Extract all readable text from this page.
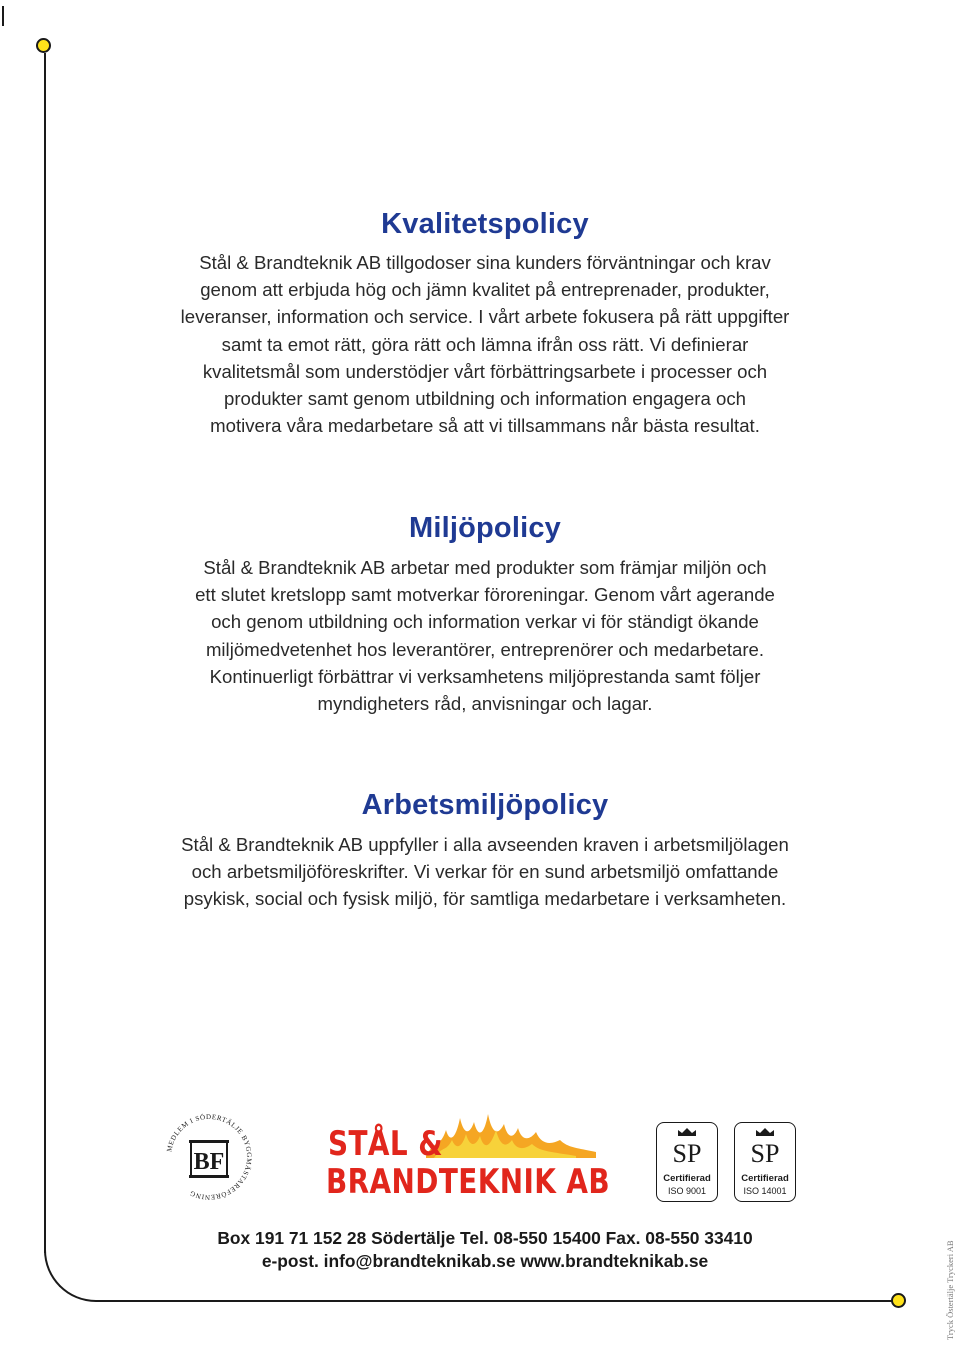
Kvalitetspolicy

Stål & Brandteknik AB tillgodoser sina kunders förväntningar och krav
genom att erbjuda hög och jämn kvalitet på entreprenader, produkter,
leveranser, information och service. I vårt arbete fokusera på rätt uppgifter
samt ta emot rätt, göra rätt och lämna ifrån oss rätt. Vi definierar
kvalitetsmål som understödjer vårt förbättringsarbete i processer och
produkter samt genom utbildning och information engagera och
motivera våra medarbetare så att vi tillsammans når bästa resultat.

Miljöpolicy

Stål & Brandteknik AB arbetar med produkter som främjar miljön och
ett slutet kretslopp samt motverkar föroreningar. Genom vårt agerande
och genom utbildning och information verkar vi för ständigt ökande
miljömedvetenhet hos leverantörer, entreprenörer och medarbetare.
Kontinuerligt förbättrar vi verksamhetens miljöprestanda samt följer
myndigheters råd, anvisningar och lagar.

Arbetsmiljöpolicy

Stål & Brandteknik AB uppfyller i alla avseenden kraven i arbetsmiljölagen
och arbetsmiljöföreskrifter. Vi verkar för en sund arbetsmiljö omfattande
psykisk, social och fysisk miljö, för samtliga medarbetare i verksamheten.

MEDLEM I SÖDERTÄLJE BYGGMÄSTAREFÖRENING
BF	STÅL &
BRANDTEKNIK AB
SP
Certifierad
ISO 9001
SP
Certifierad
ISO 14001
Box 191 71 152 28 Södertälje Tel. 08-550 15400 Fax. 08-550 33410
e-post. info@brandteknikab.se www.brandteknikab.se	Tryck Östertälje Tryckeri AB
